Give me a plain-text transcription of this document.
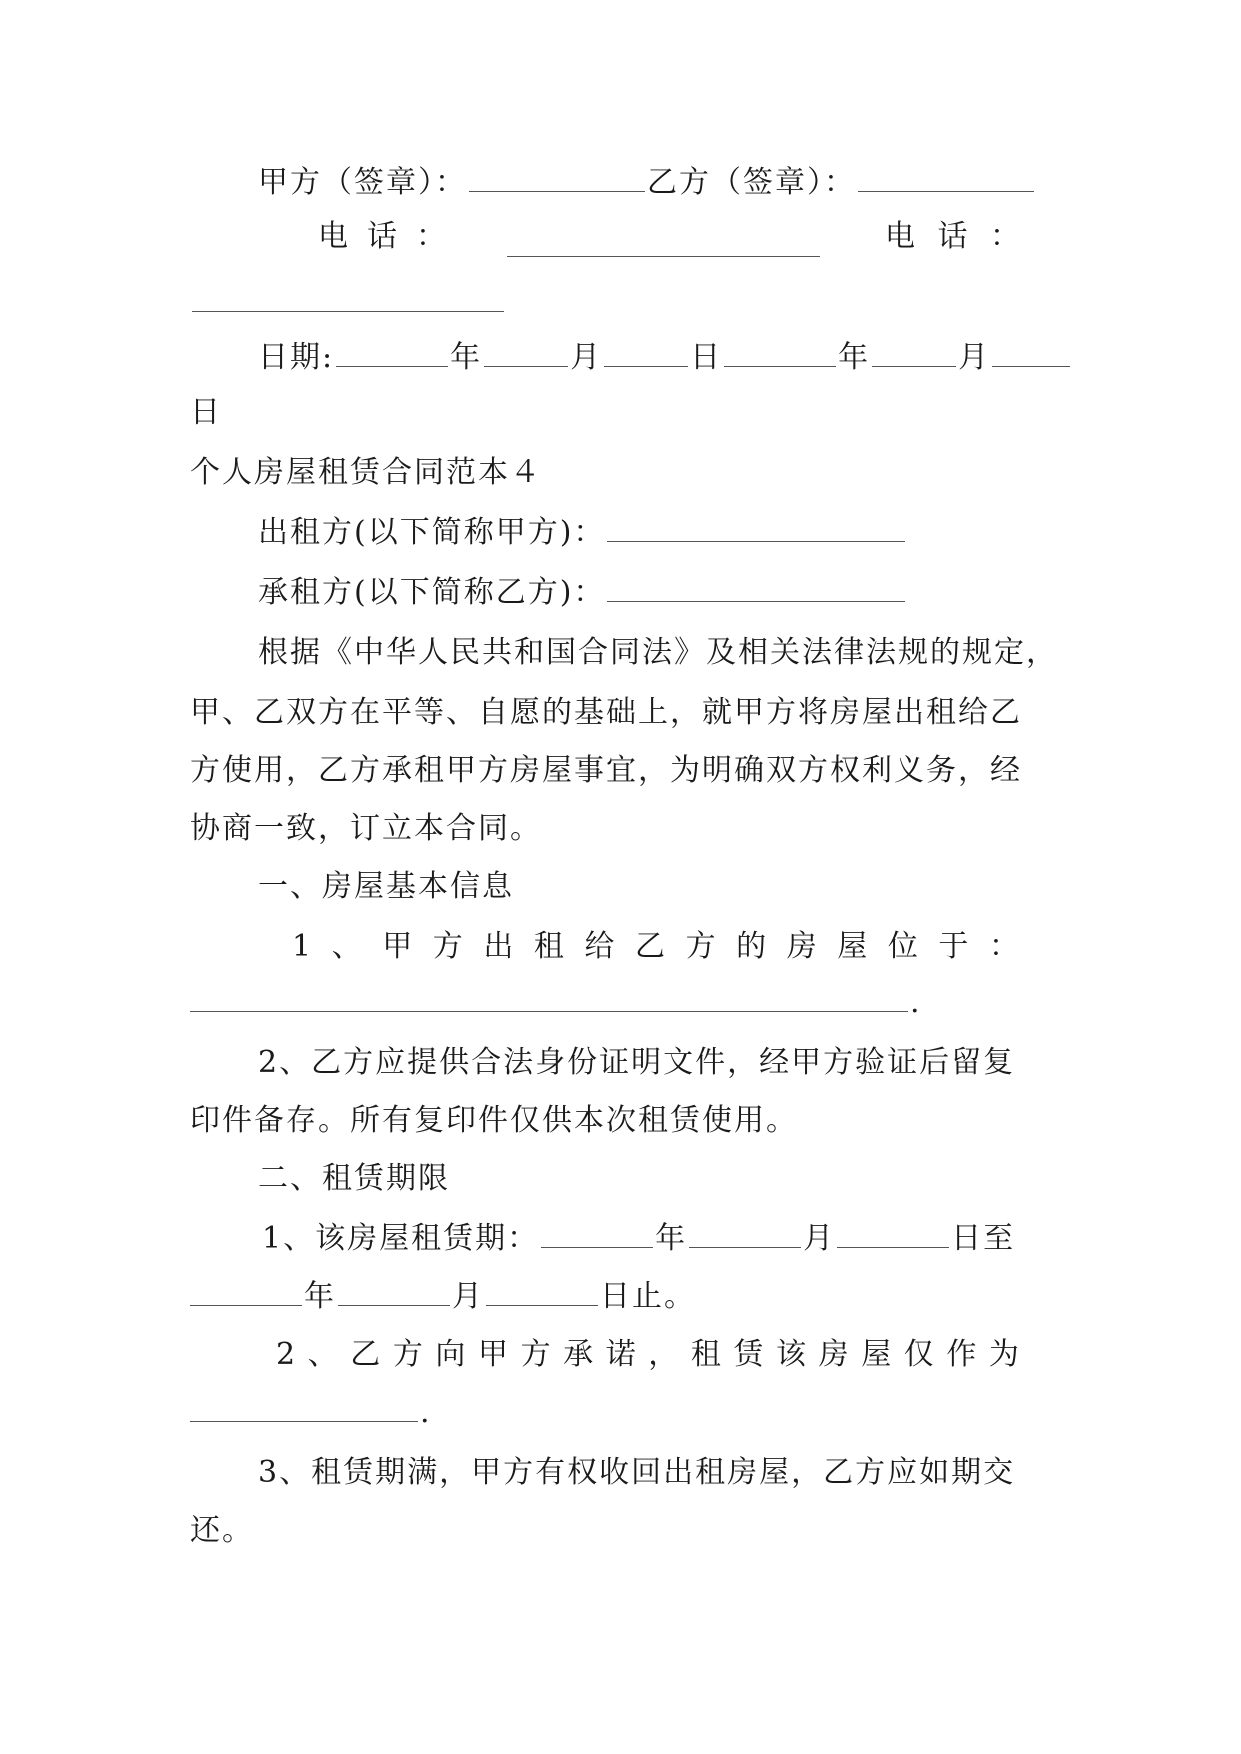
甲方（签章）：	乙方（签章）：
电 话 ：	电 话 ：
日期:	年	月	日	年	月
日
个人房屋租赁合同范本４
出租方(以下简称甲方)：
承租方(以下简称乙方)：
根据《中华人民共和国合同法》及相关法律法规的规定，
甲、乙双方在平等、自愿的基础上，就甲方将房屋出租给乙
方使用，乙方承租甲方房屋事宜，为明确双方权利义务，经
协商一致，订立本合同。
一、房屋基本信息
1 、 甲 方 出 租 给 乙 方 的 房 屋 位 于 ：
.
2、乙方应提供合法身份证明文件，经甲方验证后留复
印件备存。所有复印件仅供本次租赁使用。
二、租赁期限
1、该房屋租赁期：	年	月	日至
年	月	日止。
2 、 乙 方 向 甲 方 承 诺 ， 租 赁 该 房 屋 仅 作 为
.
3、租赁期满，甲方有权收回出租房屋，乙方应如期交
还。
